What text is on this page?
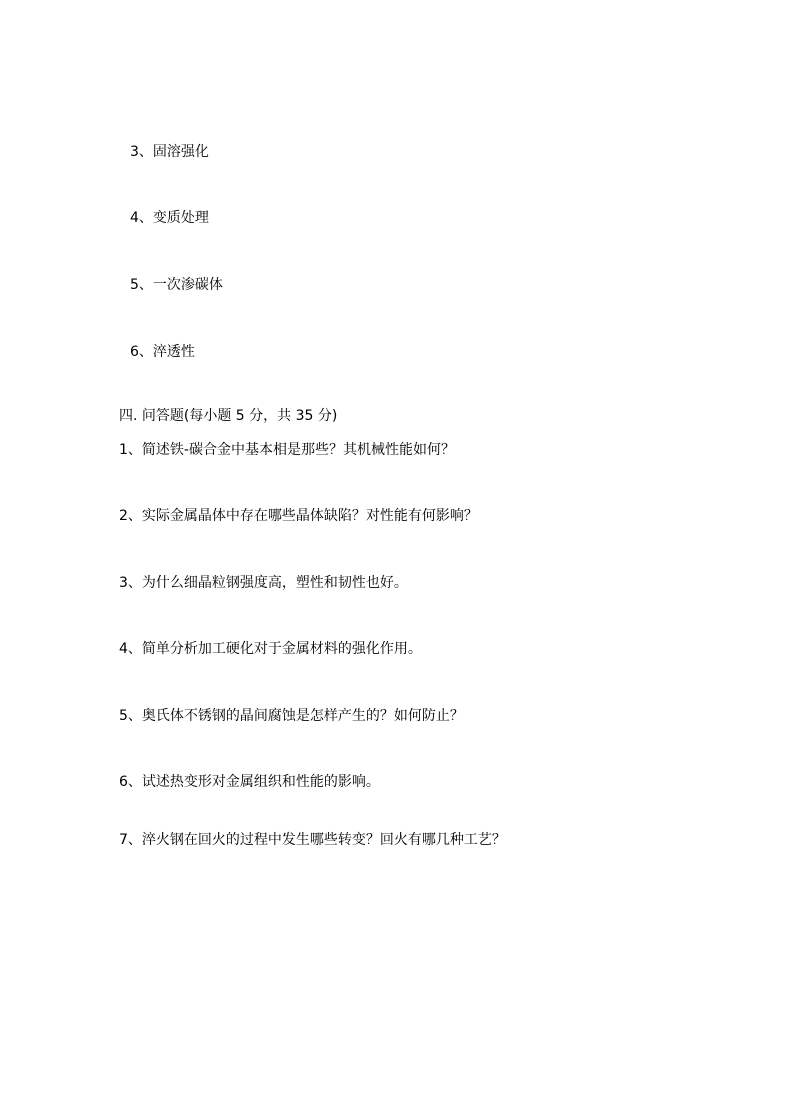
3、固溶强化
4、变质处理
5、一次渗碳体
6、淬透性
四. 问答题(每小题 5 分，共 35 分)
1、简述铁-碳合金中基本相是那些？其机械性能如何？
2、实际金属晶体中存在哪些晶体缺陷？对性能有何影响？
3、为什么细晶粒钢强度高，塑性和韧性也好。
4、简单分析加工硬化对于金属材料的强化作用。
5、奥氏体不锈钢的晶间腐蚀是怎样产生的？如何防止？
6、试述热变形对金属组织和性能的影响。
7、淬火钢在回火的过程中发生哪些转变？回火有哪几种工艺？
